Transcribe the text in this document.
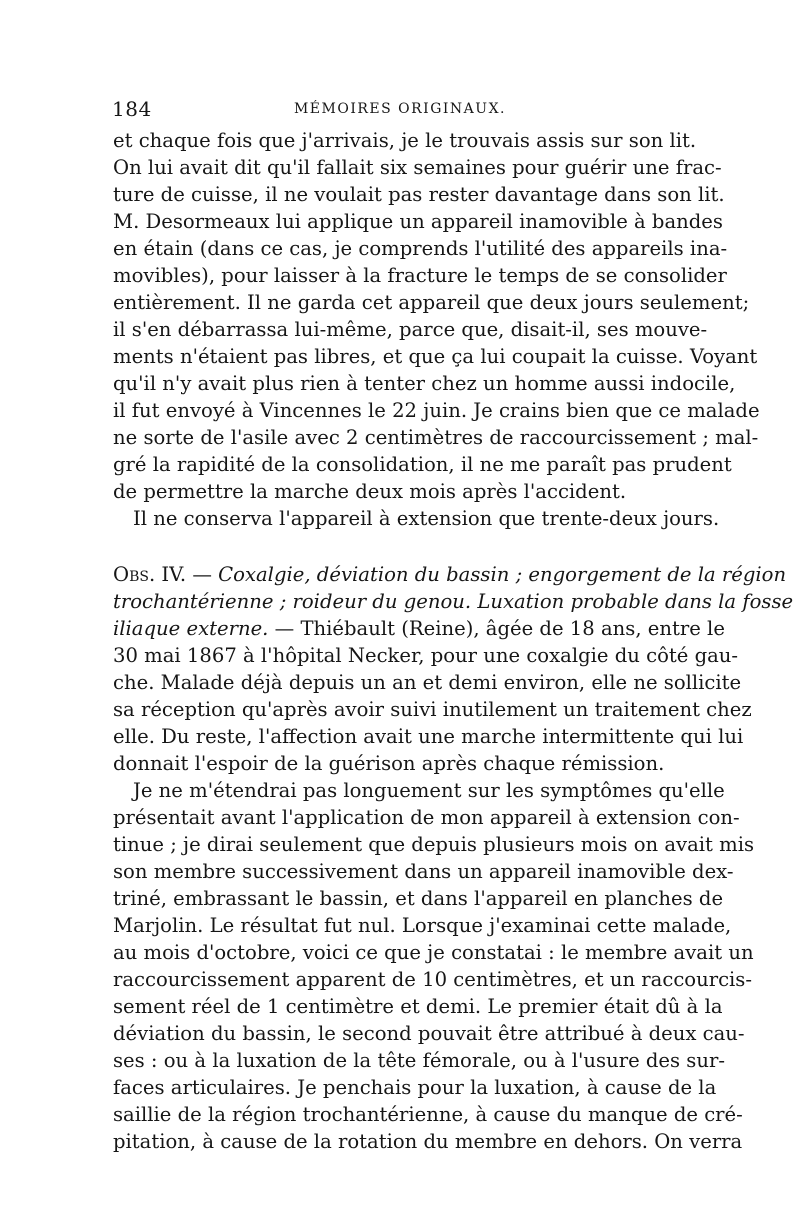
184	MÉMOIRES ORIGINAUX.
et chaque fois que j'arrivais, je le trouvais assis sur son lit.
On lui avait dit qu'il fallait six semaines pour guérir une frac-
ture de cuisse, il ne voulait pas rester davantage dans son lit.
M. Desormeaux lui applique un appareil inamovible à bandes
en étain (dans ce cas, je comprends l'utilité des appareils ina-
movibles), pour laisser à la fracture le temps de se consolider
entièrement. Il ne garda cet appareil que deux jours seulement;
il s'en débarrassa lui-même, parce que, disait-il, ses mouve-
ments n'étaient pas libres, et que ça lui coupait la cuisse. Voyant
qu'il n'y avait plus rien à tenter chez un homme aussi indocile,
il fut envoyé à Vincennes le 22 juin. Je crains bien que ce malade
ne sorte de l'asile avec 2 centimètres de raccourcissement ; mal-
gré la rapidité de la consolidation, il ne me paraît pas prudent
de permettre la marche deux mois après l'accident.
Il ne conserva l'appareil à extension que trente-deux jours.
Obs. IV. — Coxalgie, déviation du bassin ; engorgement de la région
trochantérienne ; roideur du genou. Luxation probable dans la fosse
iliaque externe. — Thiébault (Reine), âgée de 18 ans, entre le
30 mai 1867 à l'hôpital Necker, pour une coxalgie du côté gau-
che. Malade déjà depuis un an et demi environ, elle ne sollicite
sa réception qu'après avoir suivi inutilement un traitement chez
elle. Du reste, l'affection avait une marche intermittente qui lui
donnait l'espoir de la guérison après chaque rémission.
Je ne m'étendrai pas longuement sur les symptômes qu'elle
présentait avant l'application de mon appareil à extension con-
tinue ; je dirai seulement que depuis plusieurs mois on avait mis
son membre successivement dans un appareil inamovible dex-
triné, embrassant le bassin, et dans l'appareil en planches de
Marjolin. Le résultat fut nul. Lorsque j'examinai cette malade,
au mois d'octobre, voici ce que je constatai : le membre avait un
raccourcissement apparent de 10 centimètres, et un raccourcis-
sement réel de 1 centimètre et demi. Le premier était dû à la
déviation du bassin, le second pouvait être attribué à deux cau-
ses : ou à la luxation de la tête fémorale, ou à l'usure des sur-
faces articulaires. Je penchais pour la luxation, à cause de la
saillie de la région trochantérienne, à cause du manque de cré-
pitation, à cause de la rotation du membre en dehors. On verra
